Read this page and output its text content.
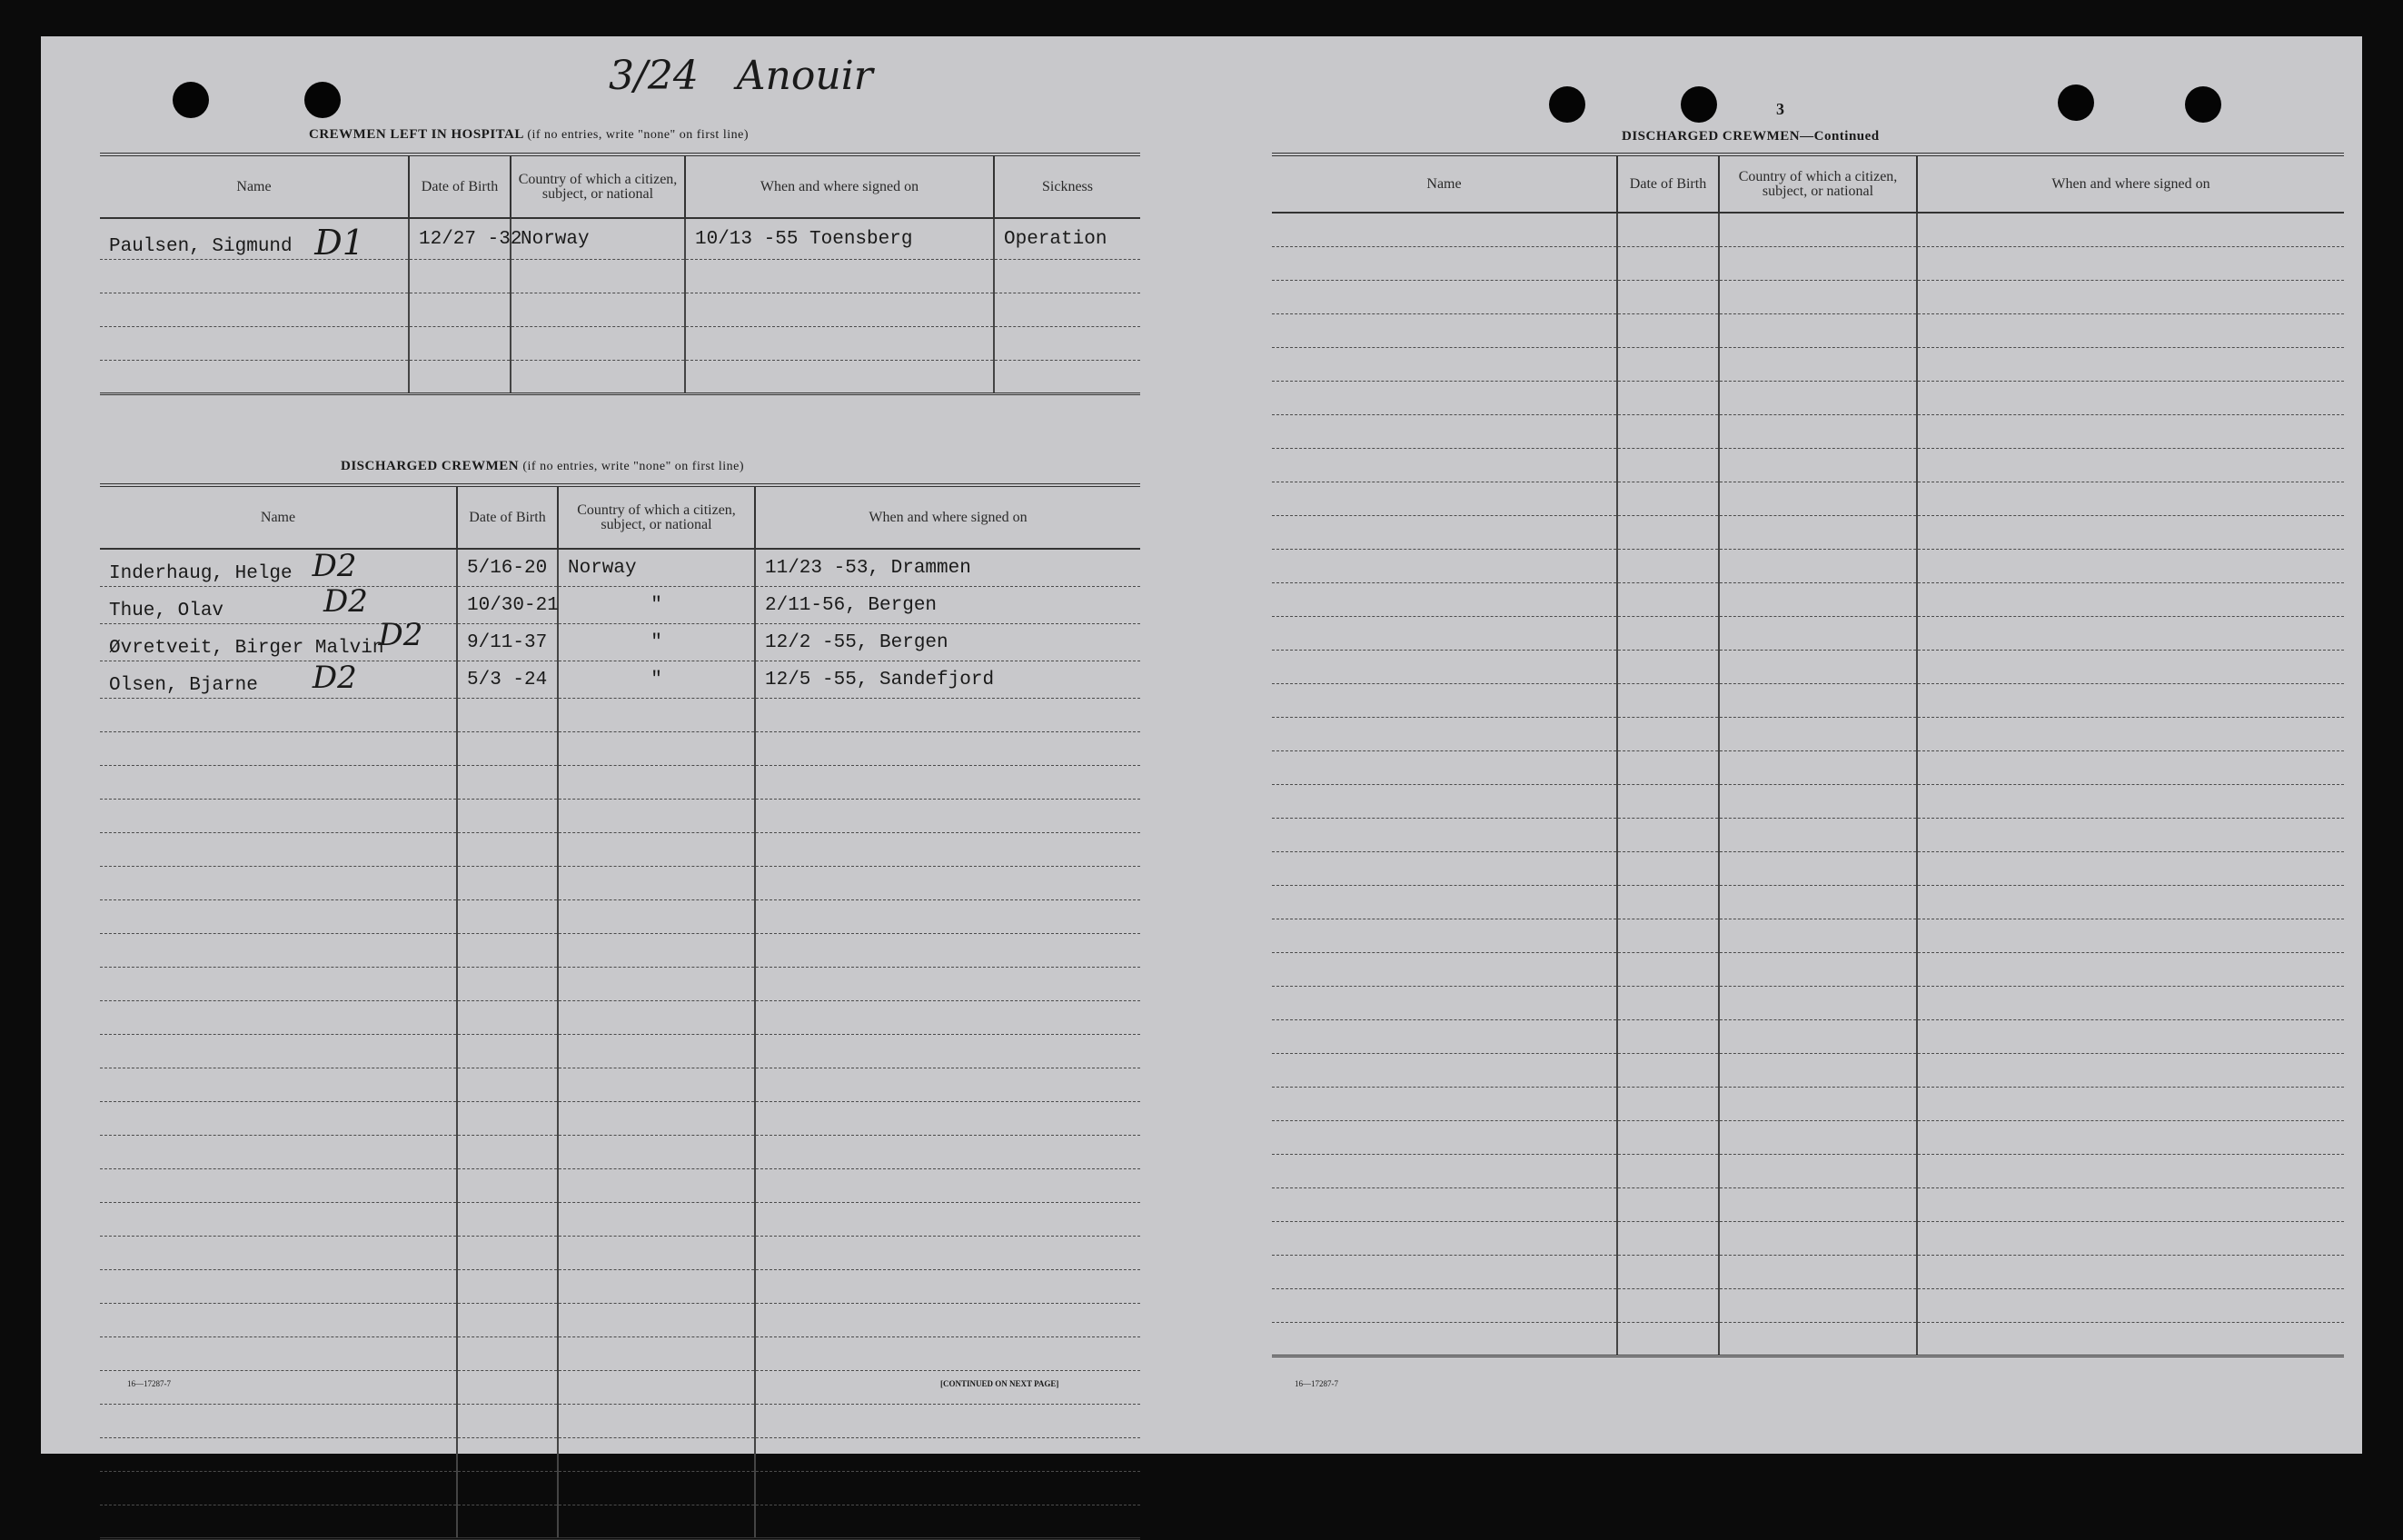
3/24   Anouir
CREWMEN LEFT IN HOSPITAL (if no entries, write "none" on first line)
Name	Date of Birth	Country of which a citizen, subject, or national	When and where signed on	Sickness
Paulsen, Sigmund D1	12/27 -32	Norway	10/13 -55 Toensberg	Operation

DISCHARGED CREWMEN (if no entries, write "none" on first line)
Name	Date of Birth	Country of which a citizen, subject, or national	When and where signed on
Inderhaug, Helge D2	5/16-20	Norway	11/23 -53, Drammen
Thue, Olav D2	10/30-21	"	2/11-56, Bergen
Øvretveit, Birger MalvinD2	9/11-37	"	12/2 -55, Bergen
Olsen, Bjarne D2	5/3 -24	"	12/5 -55, Sandefjord

16—17287-7	[CONTINUED ON NEXT PAGE]
3
DISCHARGED CREWMEN—Continued
Name	Date of Birth	Country of which a citizen, subject, or national	When and where signed on

16—17287-7
